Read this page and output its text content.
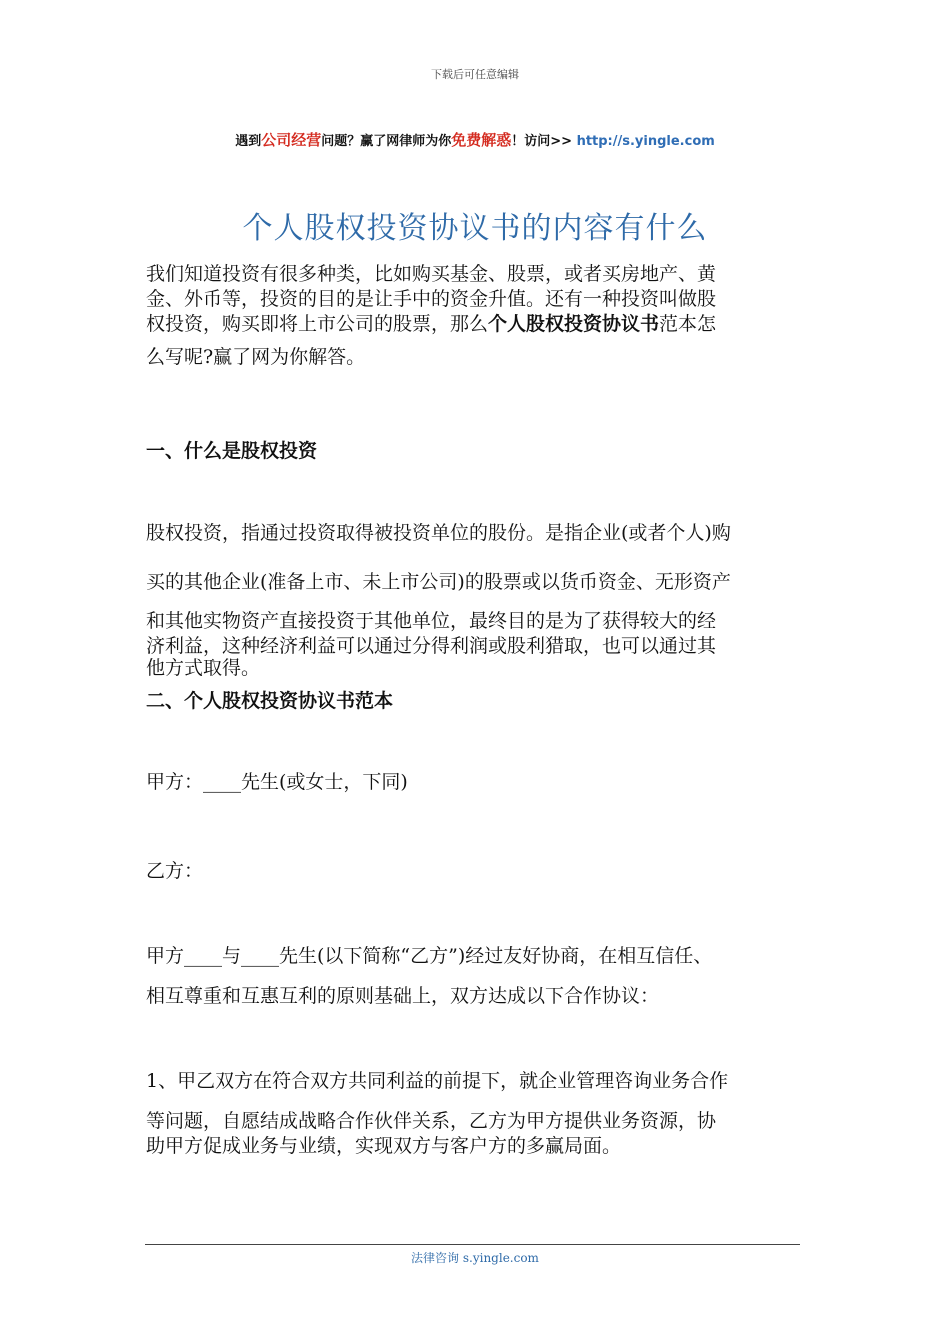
下载后可任意编辑
遇到公司经营问题？赢了网律师为你免费解惑！访问>> http://s.yingle.com
个人股权投资协议书的内容有什么
我们知道投资有很多种类，比如购买基金、股票，或者买房地产、黄
金、外币等，投资的目的是让手中的资金升值。还有一种投资叫做股
权投资，购买即将上市公司的股票，那么个人股权投资协议书范本怎
么写呢?赢了网为你解答。
一、什么是股权投资
股权投资，指通过投资取得被投资单位的股份。是指企业(或者个人)购
买的其他企业(准备上市、未上市公司)的股票或以货币资金、无形资产
和其他实物资产直接投资于其他单位，最终目的是为了获得较大的经
济利益，这种经济利益可以通过分得利润或股利猎取，也可以通过其
他方式取得。
二、个人股权投资协议书范本
甲方：____先生(或女士，下同)
乙方：
甲方____与____先生(以下简称“乙方”)经过友好协商，在相互信任、
相互尊重和互惠互利的原则基础上，双方达成以下合作协议：
1、甲乙双方在符合双方共同利益的前提下，就企业管理咨询业务合作
等问题，自愿结成战略合作伙伴关系，乙方为甲方提供业务资源，协
助甲方促成业务与业绩，实现双方与客户方的多赢局面。
法律咨询 s.yingle.com
